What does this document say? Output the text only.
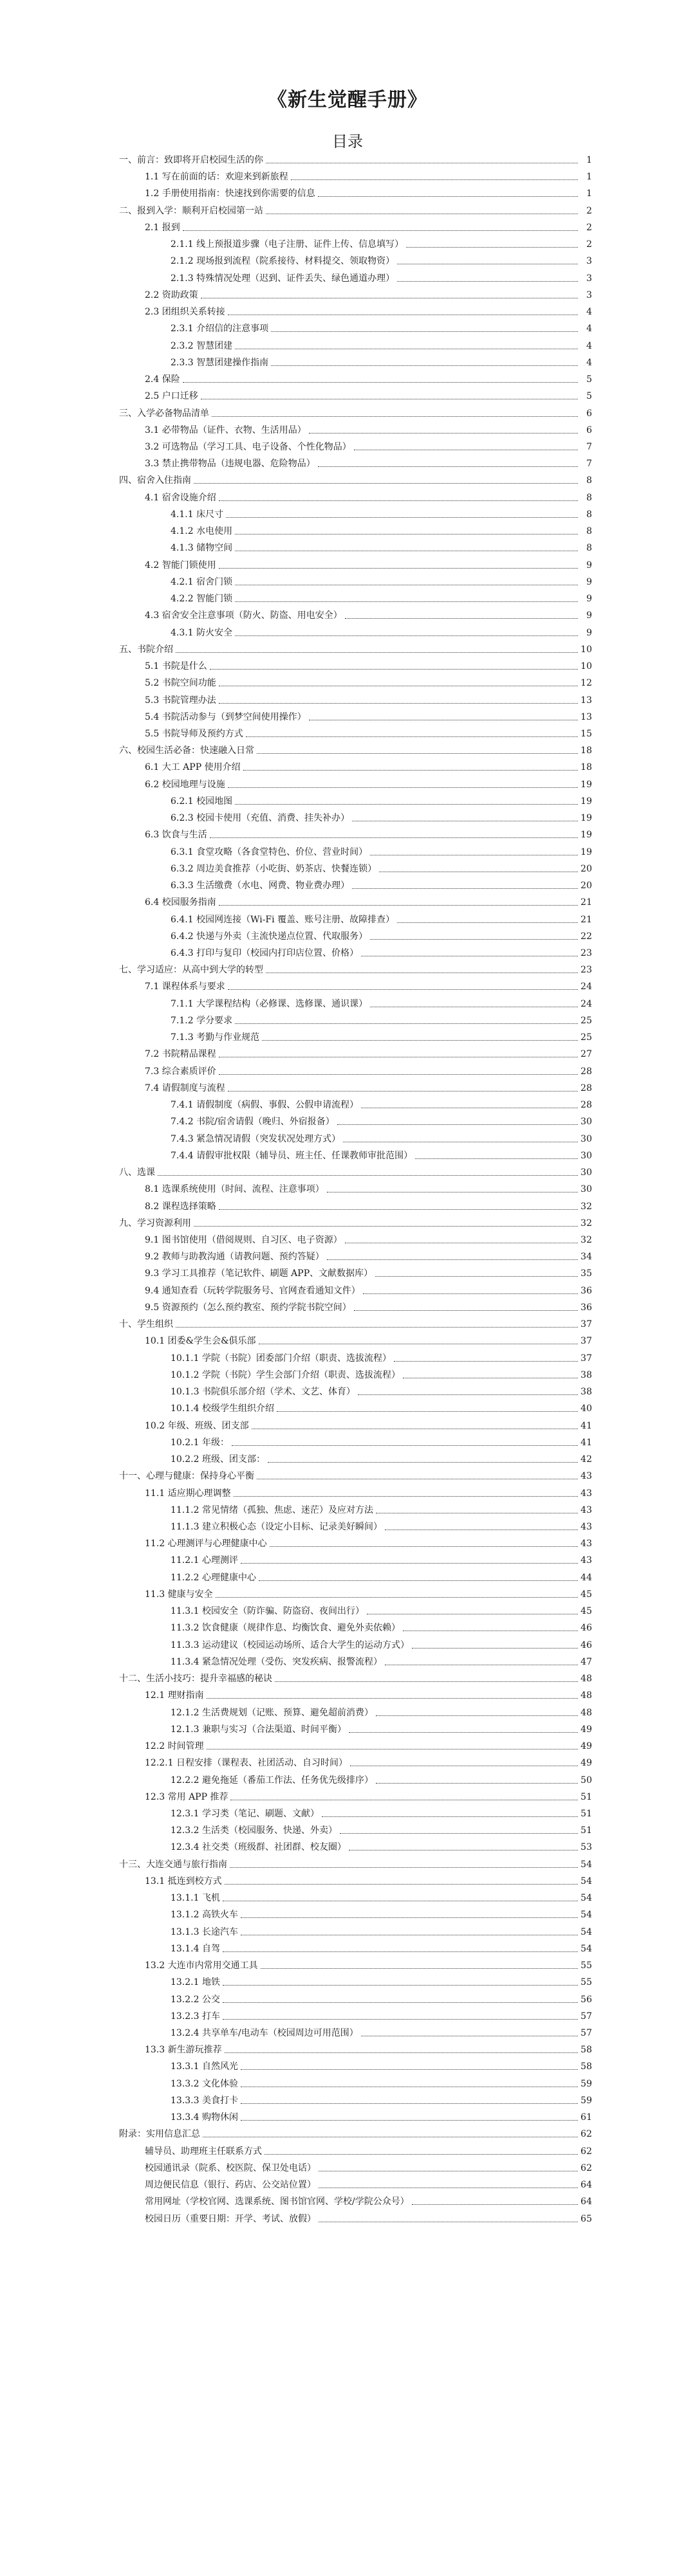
《新生觉醒手册》
目录
一、前言：致即将开启校园生活的你	1
1.1 写在前面的话：欢迎来到新旅程	1
1.2 手册使用指南：快速找到你需要的信息	1
二、报到入学：顺利开启校园第一站	2
2.1 报到	2
2.1.1 线上预报道步骤（电子注册、证件上传、信息填写）	2
2.1.2 现场报到流程（院系接待、材料提交、领取物资）	3
2.1.3 特殊情况处理（迟到、证件丢失、绿色通道办理）	3
2.2 资助政策	3
2.3 团组织关系转接	4
2.3.1 介绍信的注意事项	4
2.3.2 智慧团建	4
2.3.3 智慧团建操作指南	4
2.4 保险	5
2.5 户口迁移	5
三、入学必备物品清单	6
3.1 必带物品（证件、衣物、生活用品）	6
3.2 可选物品（学习工具、电子设备、个性化物品）	7
3.3 禁止携带物品（违规电器、危险物品）	7
四、宿舍入住指南	8
4.1 宿舍设施介绍	8
4.1.1 床尺寸	8
4.1.2 水电使用	8
4.1.3 储物空间	8
4.2 智能门锁使用	9
4.2.1 宿舍门锁	9
4.2.2 智能门锁	9
4.3 宿舍安全注意事项（防火、防盗、用电安全）	9
4.3.1 防火安全	9
五、书院介绍	10
5.1 书院是什么	10
5.2 书院空间功能	12
5.3 书院管理办法	13
5.4 书院活动参与（到梦空间使用操作）	13
5.5 书院导师及预约方式	15
六、校园生活必备：快速融入日常	18
6.1 大工 APP 使用介绍	18
6.2 校园地理与设施	19
6.2.1 校园地图	19
6.2.3 校园卡使用（充值、消费、挂失补办）	19
6.3 饮食与生活	19
6.3.1 食堂攻略（各食堂特色、价位、营业时间）	19
6.3.2 周边美食推荐（小吃街、奶茶店、快餐连锁）	20
6.3.3 生活缴费（水电、网费、物业费办理）	20
6.4 校园服务指南	21
6.4.1 校园网连接（Wi-Fi 覆盖、账号注册、故障排查）	21
6.4.2 快递与外卖（主流快递点位置、代取服务）	22
6.4.3 打印与复印（校园内打印店位置、价格）	23
七、学习适应：从高中到大学的转型	23
7.1 课程体系与要求	24
7.1.1 大学课程结构（必修课、选修课、通识课）	24
7.1.2 学分要求	25
7.1.3 考勤与作业规范	25
7.2 书院精品课程	27
7.3 综合素质评价	28
7.4 请假制度与流程	28
7.4.1 请假制度（病假、事假、公假申请流程）	28
7.4.2 书院/宿舍请假（晚归、外宿报备）	30
7.4.3 紧急情况请假（突发状况处理方式）	30
7.4.4 请假审批权限（辅导员、班主任、任课教师审批范围）	30
八、选课	30
8.1 选课系统使用（时间、流程、注意事项）	30
8.2 课程选择策略	32
九、学习资源利用	32
9.1 图书馆使用（借阅规则、自习区、电子资源）	32
9.2 教师与助教沟通（请教问题、预约答疑）	34
9.3 学习工具推荐（笔记软件、刷题 APP、文献数据库）	35
9.4 通知查看（玩转学院服务号、官网查看通知文件）	36
9.5 资源预约（怎么预约教室、预约学院书院空间）	36
十、学生组织	37
10.1 团委&学生会&俱乐部	37
10.1.1 学院（书院）团委部门介绍（职责、选拔流程）	37
10.1.2 学院（书院）学生会部门介绍（职责、选拔流程）	38
10.1.3 书院俱乐部介绍（学术、文艺、体育）	38
10.1.4 校级学生组织介绍	40
10.2 年级、班级、团支部	41
10.2.1 年级：	41
10.2.2 班级、团支部：	42
十一、心理与健康：保持身心平衡	43
11.1 适应期心理调整	43
11.1.2 常见情绪（孤独、焦虑、迷茫）及应对方法	43
11.1.3 建立积极心态（设定小目标、记录美好瞬间）	43
11.2 心理测评与心理健康中心	43
11.2.1 心理测评	43
11.2.2 心理健康中心	44
11.3 健康与安全	45
11.3.1 校园安全（防诈骗、防盗窃、夜间出行）	45
11.3.2 饮食健康（规律作息、均衡饮食、避免外卖依赖）	46
11.3.3 运动建议（校园运动场所、适合大学生的运动方式）	46
11.3.4 紧急情况处理（受伤、突发疾病、报警流程）	47
十二、生活小技巧：提升幸福感的秘诀	48
12.1 理财指南	48
12.1.2 生活费规划（记账、预算、避免超前消费）	48
12.1.3 兼职与实习（合法渠道、时间平衡）	49
12.2 时间管理	49
12.2.1 日程安排（课程表、社团活动、自习时间）	49
12.2.2 避免拖延（番茄工作法、任务优先级排序）	50
12.3 常用 APP 推荐	51
12.3.1 学习类（笔记、刷题、文献）	51
12.3.2 生活类（校园服务、快递、外卖）	51
12.3.4 社交类（班级群、社团群、校友圈）	53
十三、大连交通与旅行指南	54
13.1 抵连到校方式	54
13.1.1 飞机	54
13.1.2 高铁火车	54
13.1.3 长途汽车	54
13.1.4 自驾	54
13.2 大连市内常用交通工具	55
13.2.1 地铁	55
13.2.2 公交	56
13.2.3 打车	57
13.2.4 共享单车/电动车（校园周边可用范围）	57
13.3 新生游玩推荐	58
13.3.1 自然风光	58
13.3.2 文化体验	59
13.3.3 美食打卡	59
13.3.4 购物休闲	61
附录：实用信息汇总	62
辅导员、助理班主任联系方式	62
校园通讯录（院系、校医院、保卫处电话）	62
周边便民信息（银行、药店、公交站位置）	64
常用网址（学校官网、选课系统、图书馆官网、学校/学院公众号）	64
校园日历（重要日期：开学、考试、放假）	65
